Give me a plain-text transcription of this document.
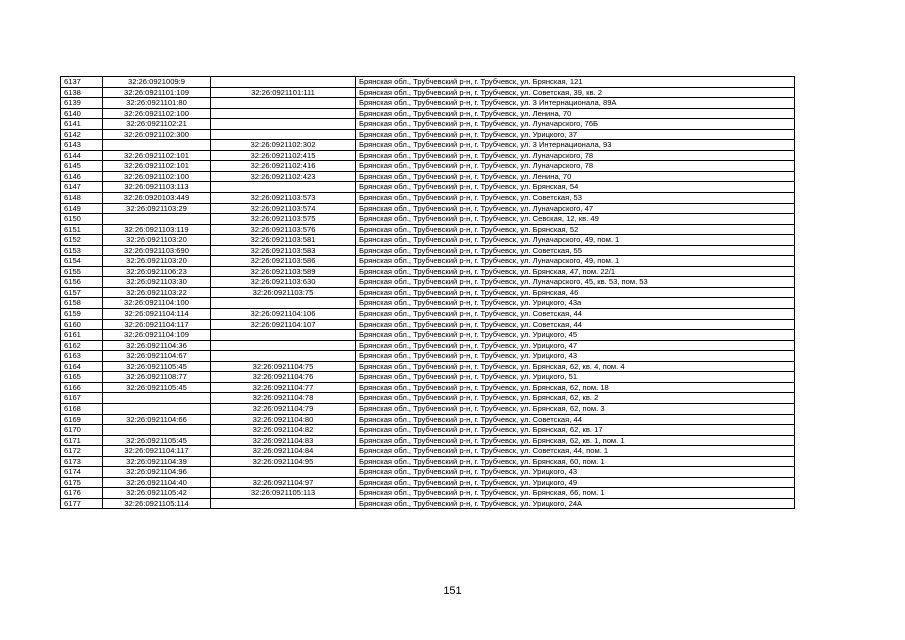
6137	32:26:0921009:9		Брянская обл., Трубчевский р-н, г. Трубчевск, ул. Брянская, 121
6138	32:26:0921101:109	32:26:0921101:111	Брянская обл., Трубчевский р-н, г. Трубчевск, ул. Советская, 39, кв. 2
6139	32:26:0921101:80		Брянская обл., Трубчевский р-н, г. Трубчевск, ул. 3 Интернационала, 89А
6140	32:26:0921102:100		Брянская обл., Трубчевский р-н, г. Трубчевск, ул. Ленина, 70
6141	32:26:0921102:21		Брянская обл., Трубчевский р-н, г. Трубчевск, ул. Луначарского, 76Б
6142	32:26:0921102:300		Брянская обл., Трубчевский р-н, г. Трубчевск, ул. Урицкого, 37
6143		32:26:0921102:302	Брянская обл., Трубчевский р-н, г. Трубчевск, ул. 3 Интернационала, 93
6144	32:26:0921102:101	32:26:0921102:415	Брянская обл., Трубчевский р-н, г. Трубчевск, ул. Луначарского, 78
6145	32:26:0921102:101	32:26:0921102:416	Брянская обл., Трубчевский р-н, г. Трубчевск, ул. Луначарского, 78
6146	32:26:0921102:100	32:26:0921102:423	Брянская обл., Трубчевский р-н, г. Трубчевск, ул. Ленина, 70
6147	32:26:0921103:113		Брянская обл., Трубчевский р-н, г. Трубчевск, ул. Брянская, 54
6148	32:26:0920103:449	32:26:0921103:573	Брянская обл., Трубчевский р-н, г. Трубчевск, ул. Советская, 53
6149	32:26:0921103:29	32:26:0921103:574	Брянская обл., Трубчевский р-н, г. Трубчевск, ул. Луначарского, 47
6150		32:26:0921103:575	Брянская обл., Трубчевский р-н, г. Трубчевск, ул. Севская, 12, кв. 49
6151	32:26:0921103:119	32:26:0921103:576	Брянская обл., Трубчевский р-н, г. Трубчевск, ул. Брянская, 52
6152	32:26:0921103:20	32:26:0921103:581	Брянская обл., Трубчевский р-н, г. Трубчевск, ул. Луначарского, 49, пом. 1
6153	32:26:0921103:690	32:26:0921103:583	Брянская обл., Трубчевский р-н, г. Трубчевск, ул. Советская, 55
6154	32:26:0921103:20	32:26:0921103:586	Брянская обл., Трубчевский р-н, г. Трубчевск, ул. Луначарского, 49, пом. 1
6155	32:26:0921106:23	32:26:0921103:589	Брянская обл., Трубчевский р-н, г. Трубчевск, ул. Брянская, 47, пом. 22/1
6156	32:26:0921103:30	32:26:0921103:630	Брянская обл., Трубчевский р-н, г. Трубчевск, ул. Луначарского, 45, кв. 53, пом. 53
6157	32:26:0921103:22	32:26:0921103:75	Брянская обл., Трубчевский р-н, г. Трубчевск, ул. Брянская, 46
6158	32:26:0921104:100		Брянская обл., Трубчевский р-н, г. Трубчевск, ул. Урицкого, 43а
6159	32:26:0921104:114	32:26:0921104:106	Брянская обл., Трубчевский р-н, г. Трубчевск, ул. Советская, 44
6160	32:26:0921104:117	32:26:0921104:107	Брянская обл., Трубчевский р-н, г. Трубчевск, ул. Советская, 44
6161	32:26:0921104:109		Брянская обл., Трубчевский р-н, г. Трубчевск, ул. Урицкого, 45
6162	32:26:0921104:36		Брянская обл., Трубчевский р-н, г. Трубчевск, ул. Урицкого, 47
6163	32:26:0921104:67		Брянская обл., Трубчевский р-н, г. Трубчевск, ул. Урицкого, 43
6164	32:26:0921105:45	32:26:0921104:75	Брянская обл., Трубчевский р-н, г. Трубчевск, ул. Брянская, 62, кв. 4, пом. 4
6165	32:26:0921108:77	32:26:0921104:76	Брянская обл., Трубчевский р-н, г. Трубчевск, ул. Урицкого, 51
6166	32:26:0921105:45	32:26:0921104:77	Брянская обл., Трубчевский р-н, г. Трубчевск, ул. Брянская, 62, пом. 18
6167		32:26:0921104:78	Брянская обл., Трубчевский р-н, г. Трубчевск, ул. Брянская, 62, кв. 2
6168		32:26:0921104:79	Брянская обл., Трубчевский р-н, г. Трубчевск, ул. Брянская, 62, пом. 3
6169	32:26:0921104:66	32:26:0921104:80	Брянская обл., Трубчевский р-н, г. Трубчевск, ул. Советская, 44
6170		32:26:0921104:82	Брянская обл., Трубчевский р-н, г. Трубчевск, ул. Брянская, 62, кв. 17
6171	32:26:0921105:45	32:26:0921104:83	Брянская обл., Трубчевский р-н, г. Трубчевск, ул. Брянская, 62, кв. 1, пом. 1
6172	32:26:0921104:117	32:26:0921104:84	Брянская обл., Трубчевский р-н, г. Трубчевск, ул. Советская, 44, пом. 1
6173	32:26:0921104:39	32:26:0921104:95	Брянская обл., Трубчевский р-н, г. Трубчевск, ул. Брянская, 60, пом. 1
6174	32:26:0921104:96		Брянская обл., Трубчевский р-н, г. Трубчевск, ул. Урицкого, 43
6175	32:26:0921104:40	32:26:0921104:97	Брянская обл., Трубчевский р-н, г. Трубчевск, ул. Урицкого, 49
6176	32:26:0921105:42	32:26:0921105:113	Брянская обл., Трубчевский р-н, г. Трубчевск, ул. Брянская, 66, пом. 1
6177	32:26:0921105:114		Брянская обл., Трубчевский р-н, г. Трубчевск, ул. Урицкого, 24А
151
